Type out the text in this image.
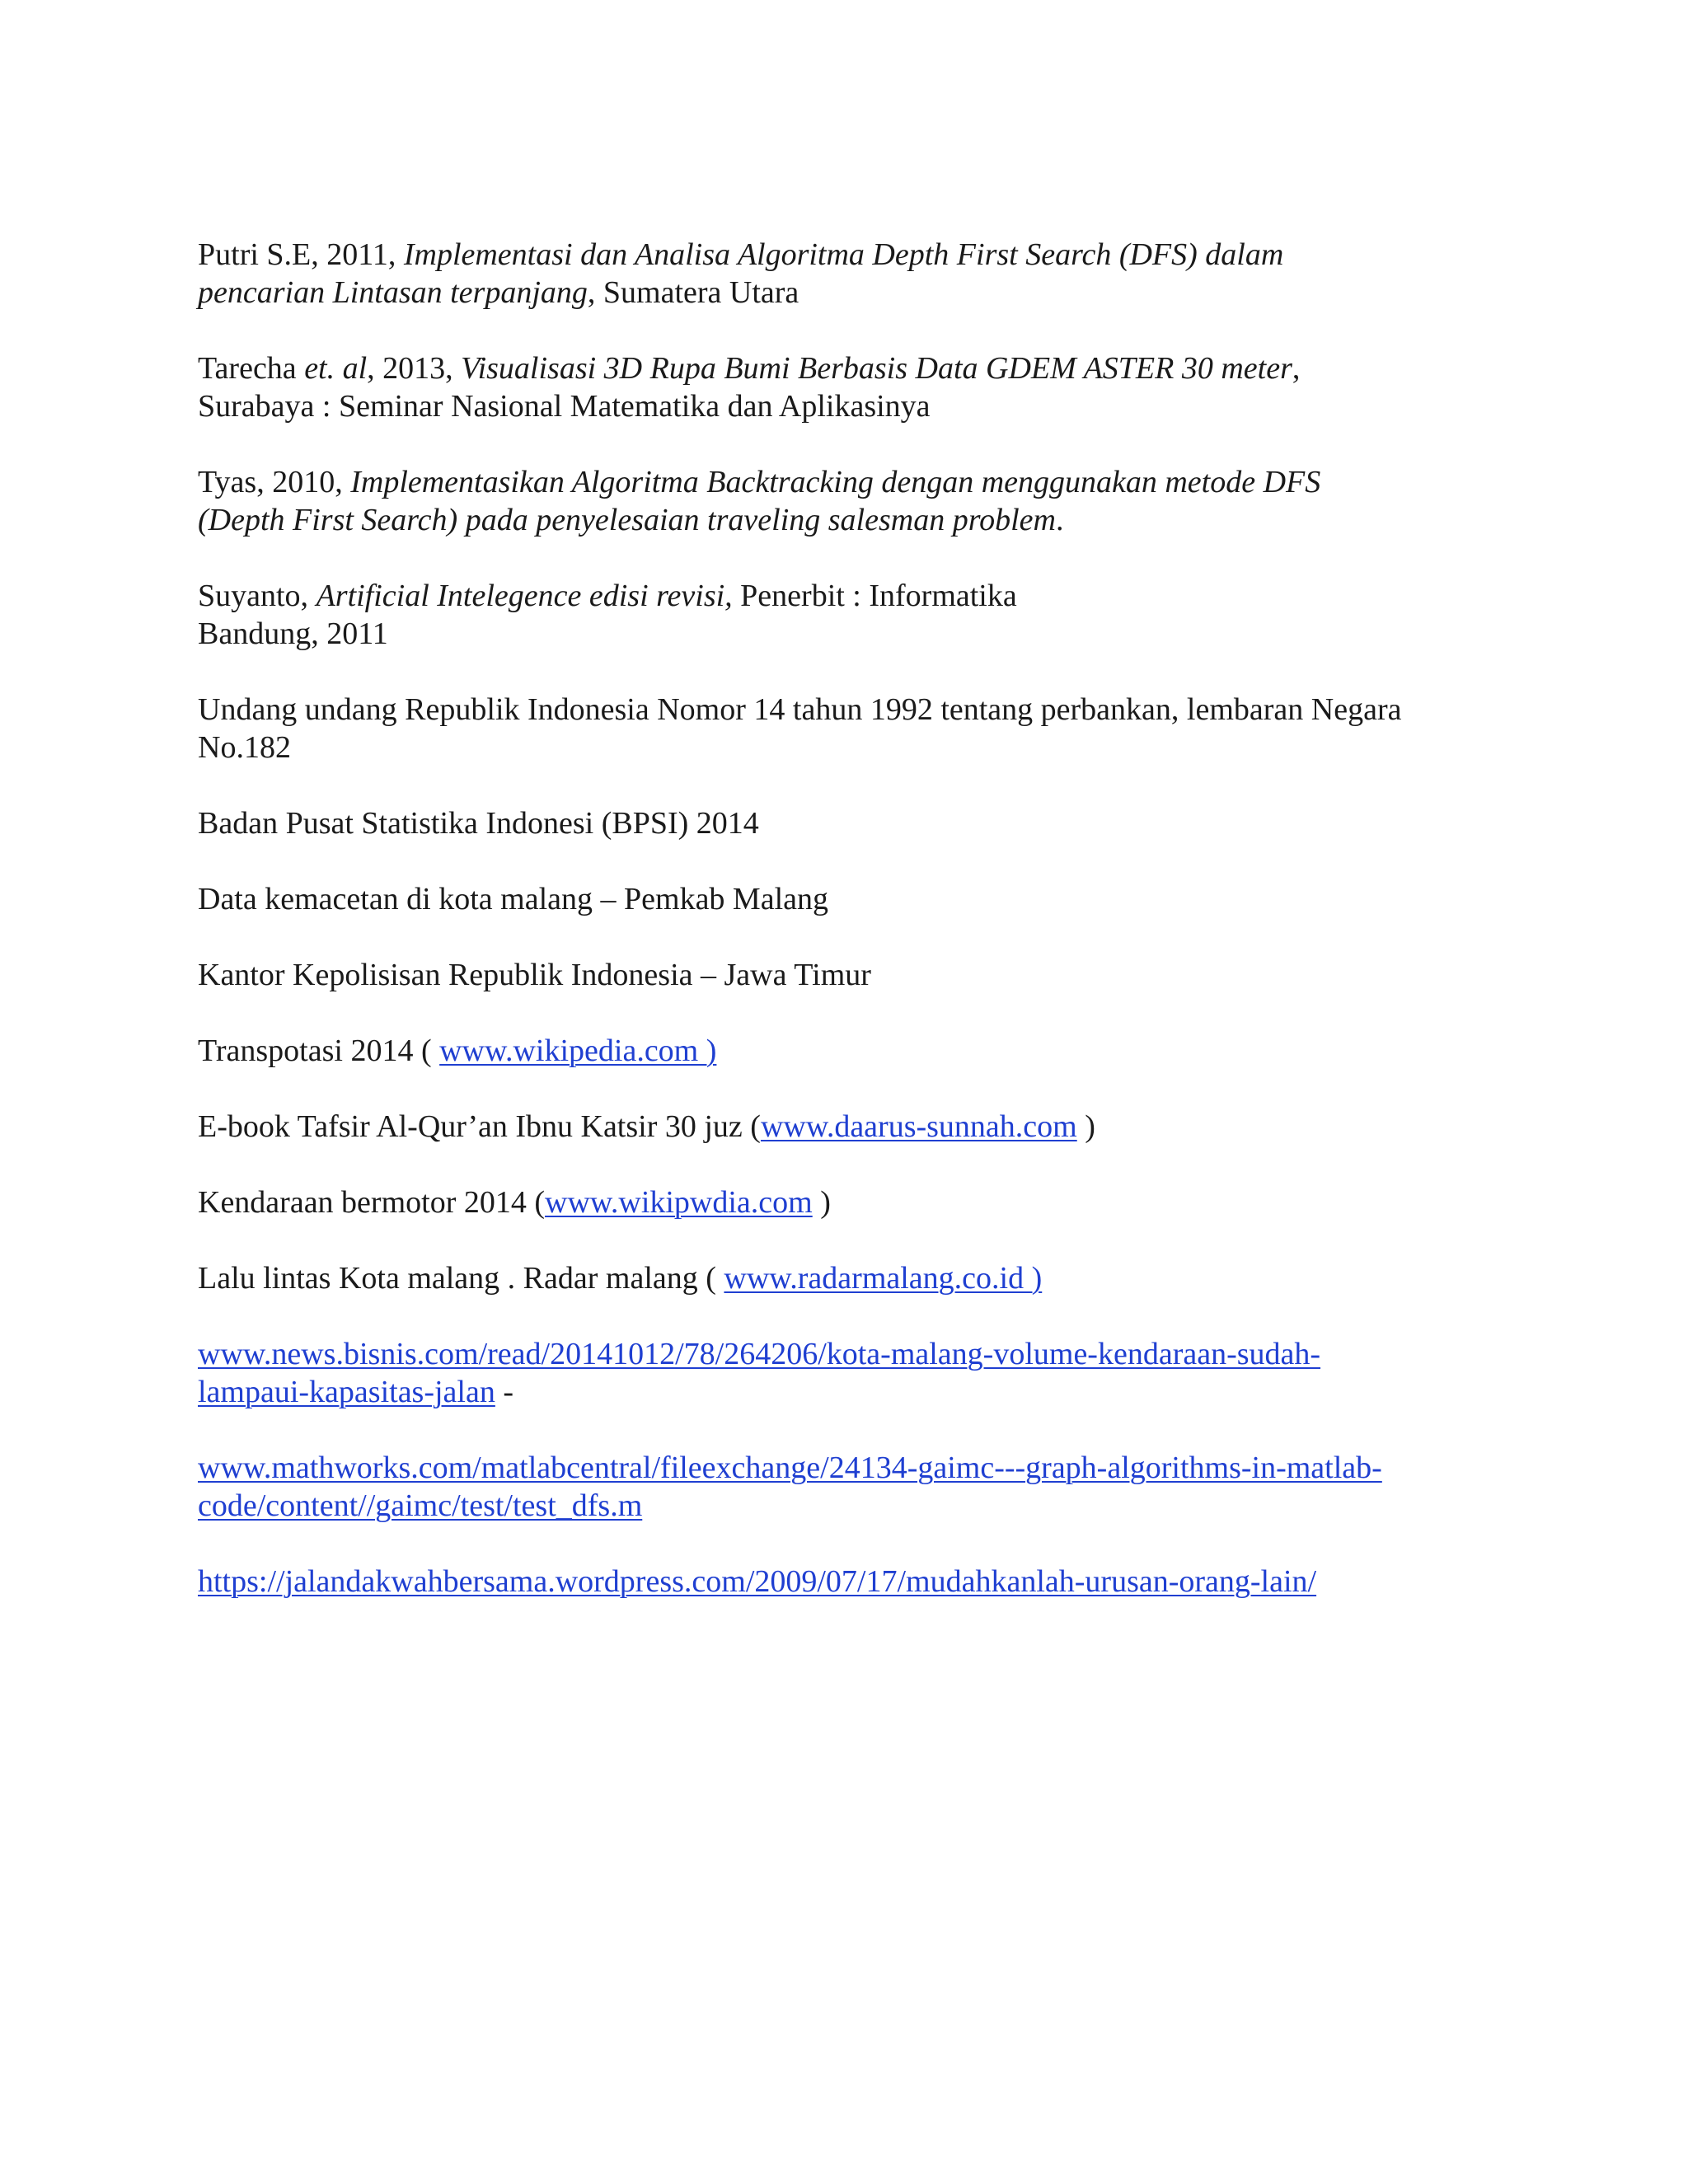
Putri S.E, 2011, Implementasi dan Analisa Algoritma Depth First Search (DFS) dalam
pencarian Lintasan terpanjang, Sumatera Utara

Tarecha et. al, 2013, Visualisasi 3D Rupa Bumi Berbasis Data GDEM ASTER 30 meter,
Surabaya : Seminar Nasional Matematika dan Aplikasinya

Tyas, 2010, Implementasikan Algoritma Backtracking dengan menggunakan metode DFS
(Depth First Search) pada penyelesaian traveling salesman problem.

Suyanto, Artificial Intelegence edisi revisi, Penerbit : Informatika
Bandung, 2011

Undang undang Republik Indonesia Nomor 14 tahun 1992 tentang perbankan, lembaran Negara
No.182

Badan Pusat Statistika Indonesi (BPSI) 2014

Data kemacetan di kota malang – Pemkab Malang

Kantor Kepolisisan Republik Indonesia – Jawa Timur

Transpotasi 2014 ( www.wikipedia.com )

E-book Tafsir Al-Qur’an Ibnu Katsir 30 juz (www.daarus-sunnah.com )

Kendaraan bermotor 2014 (www.wikipwdia.com )

Lalu lintas Kota malang . Radar malang ( www.radarmalang.co.id )

www.news.bisnis.com/read/20141012/78/264206/kota-malang-volume-kendaraan-sudah-
lampaui-kapasitas-jalan -

www.mathworks.com/matlabcentral/fileexchange/24134-gaimc---graph-algorithms-in-matlab-
code/content//gaimc/test/test_dfs.m

https://jalandakwahbersama.wordpress.com/2009/07/17/mudahkanlah-urusan-orang-lain/
